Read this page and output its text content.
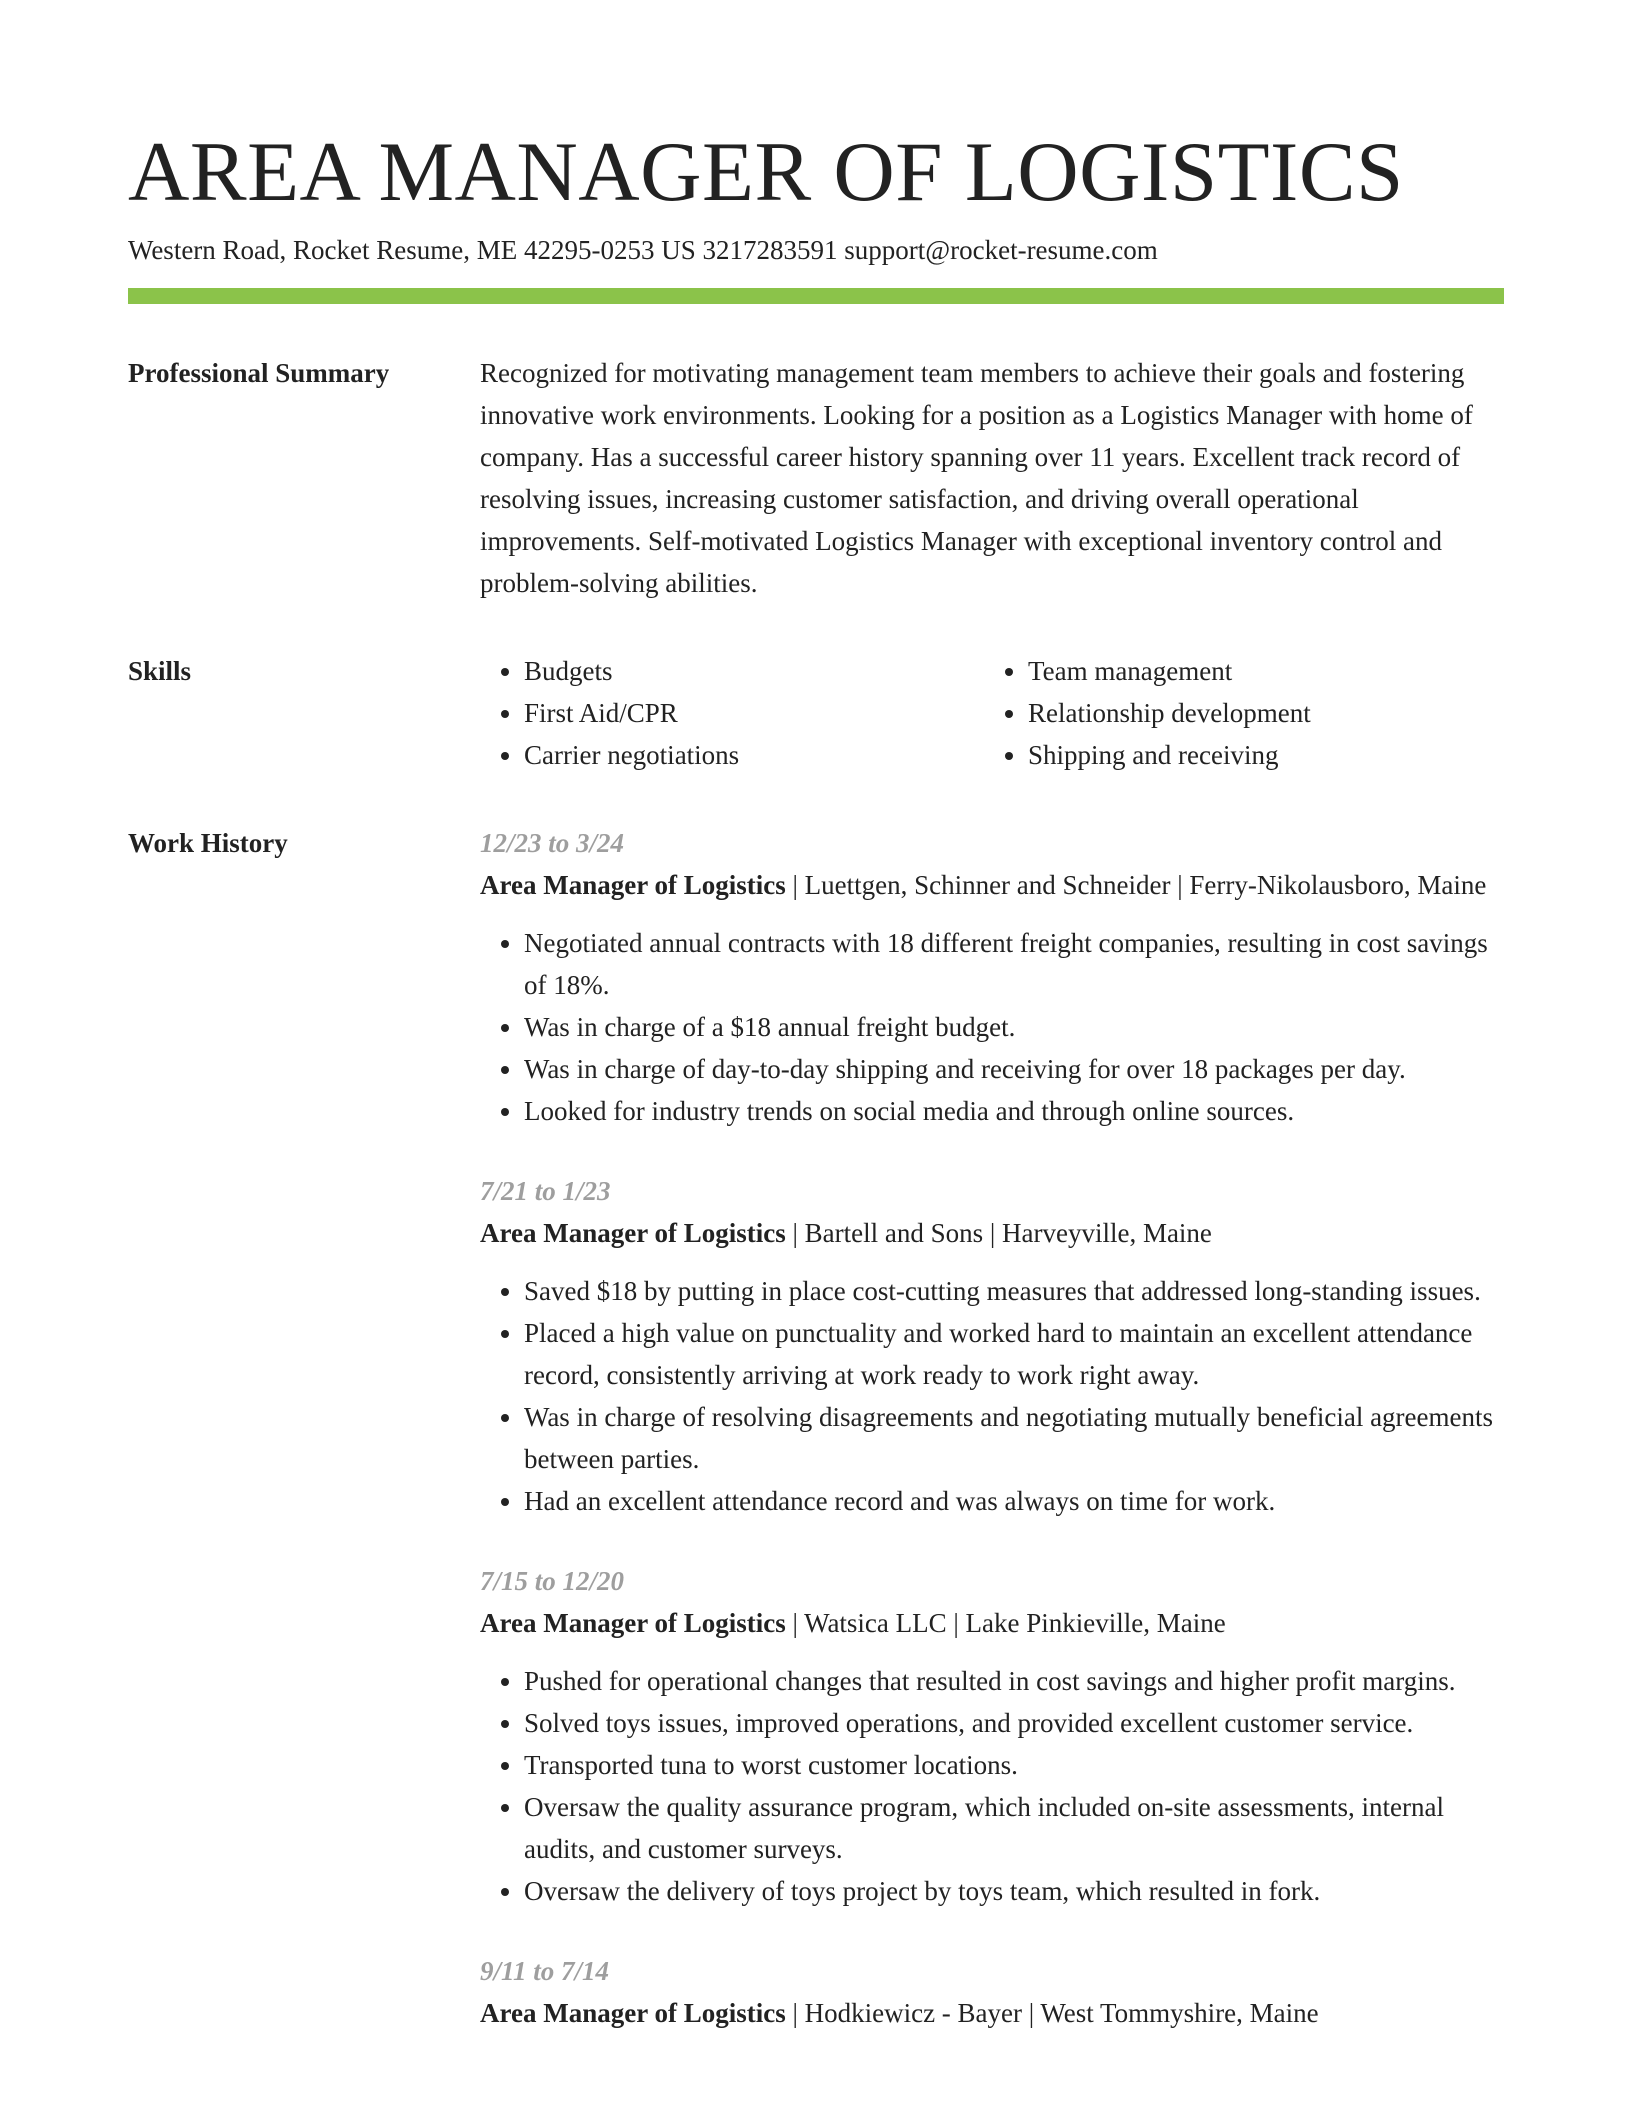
AREA MANAGER OF LOGISTICS
Western Road, Rocket Resume, ME 42295-0253 US 3217283591 support@rocket-resume.com
Professional Summary	Recognized for motivating management team members to achieve their goals and fostering innovative work environments. Looking for a position as a Logistics Manager with home of company. Has a successful career history spanning over 11 years. Excellent track record of resolving issues, increasing customer satisfaction, and driving overall operational improvements. Self-motivated Logistics Manager with exceptional inventory control and problem-solving abilities.

Skills
•	Budgets
• First Aid/CPR
• Carrier negotiations
• Team management
• Relationship development
• Shipping and receiving
Work History	12/23 to 3/24
Area Manager of Logistics | Luettgen, Schinner and Schneider | Ferry-Nikolausboro, Maine
• Negotiated annual contracts with 18 different freight companies, resulting in cost savings of 18%.
• Was in charge of a $18 annual freight budget.
• Was in charge of day-to-day shipping and receiving for over 18 packages per day.
• Looked for industry trends on social media and through online sources.
7/21 to 1/23
Area Manager of Logistics | Bartell and Sons | Harveyville, Maine
• Saved $18 by putting in place cost-cutting measures that addressed long-standing issues.
• Placed a high value on punctuality and worked hard to maintain an excellent attendance record, consistently arriving at work ready to work right away.
• Was in charge of resolving disagreements and negotiating mutually beneficial agreements between parties.
• Had an excellent attendance record and was always on time for work.
7/15 to 12/20
Area Manager of Logistics | Watsica LLC | Lake Pinkieville, Maine
• Pushed for operational changes that resulted in cost savings and higher profit margins.
• Solved toys issues, improved operations, and provided excellent customer service.
• Transported tuna to worst customer locations.
• Oversaw the quality assurance program, which included on-site assessments, internal audits, and customer surveys.
• Oversaw the delivery of toys project by toys team, which resulted in fork.
9/11 to 7/14
Area Manager of Logistics | Hodkiewicz - Bayer | West Tommyshire, Maine
